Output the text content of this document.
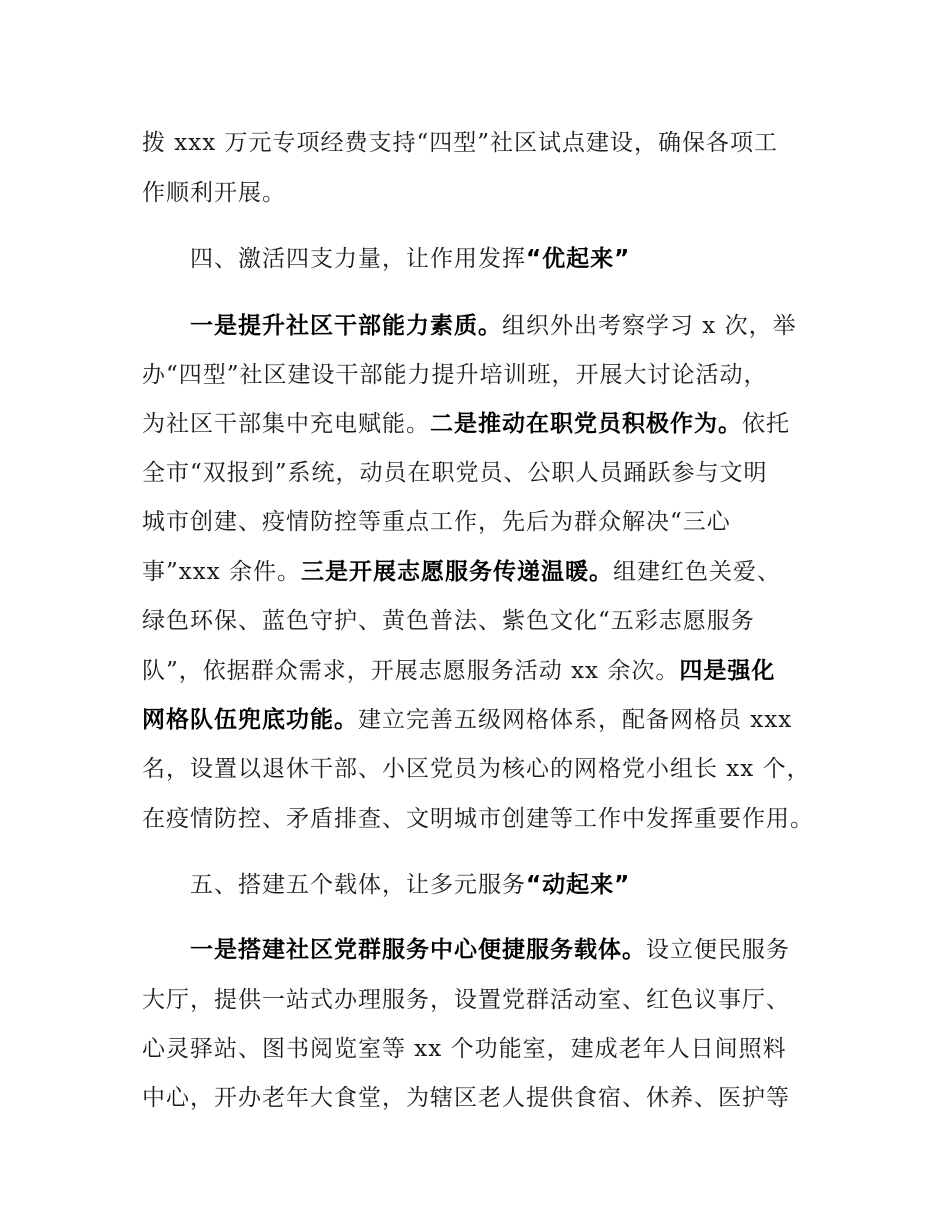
拨 xxx 万元专项经费支持“四型”社区试点建设，确保各项工
作顺利开展。
四、激活四支力量，让作用发挥“优起来”
一是提升社区干部能力素质。组织外出考察学习 x 次，举
办“四型”社区建设干部能力提升培训班，开展大讨论活动，
为社区干部集中充电赋能。二是推动在职党员积极作为。依托
全市“双报到”系统，动员在职党员、公职人员踊跃参与文明
城市创建、疫情防控等重点工作，先后为群众解决“三心
事”xxx 余件。三是开展志愿服务传递温暖。组建红色关爱、
绿色环保、蓝色守护、黄色普法、紫色文化“五彩志愿服务
队”，依据群众需求，开展志愿服务活动 xx 余次。四是强化
网格队伍兜底功能。建立完善五级网格体系，配备网格员 xxx
名，设置以退休干部、小区党员为核心的网格党小组长 xx 个，
在疫情防控、矛盾排查、文明城市创建等工作中发挥重要作用。
五、搭建五个载体，让多元服务“动起来”
一是搭建社区党群服务中心便捷服务载体。设立便民服务
大厅，提供一站式办理服务，设置党群活动室、红色议事厅、
心灵驿站、图书阅览室等 xx 个功能室，建成老年人日间照料
中心，开办老年大食堂，为辖区老人提供食宿、休养、医护等
